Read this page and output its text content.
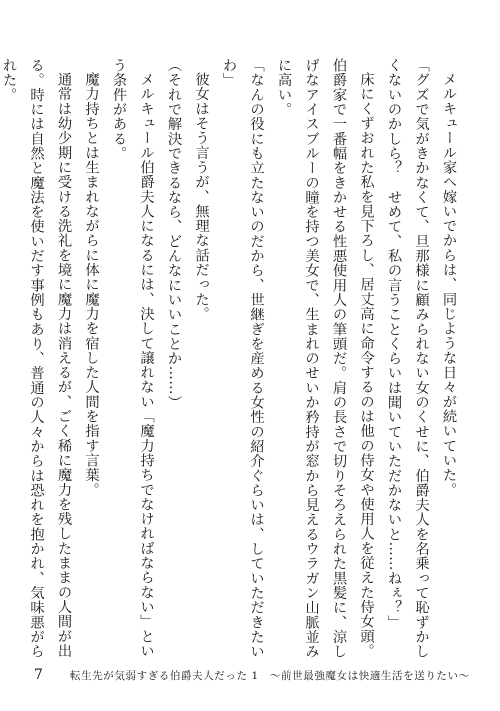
メルキュール家へ嫁いでからは、同じような日々が続いていた。

「グズで気がきかなくて、旦那様に顧みられない女のくせに、伯爵夫人を名乗って恥ずかしくないのかしら？　せめて、私の言うことくらいは聞いていただかないと……ねぇ？」

床にくずおれた私を見下ろし、居丈高に命令するのは他の侍女や使用人を従えた侍女頭。伯爵家で一番幅をきかせる性悪使用人の筆頭だ。肩の長さで切りそろえられた黒髪に、涼しげなアイスブルーの瞳を持つ美女で、生まれのせいか矜持が窓から見えるウラガン山脈並みに高い。

「なんの役にも立たないのだから、世継ぎを産める女性の紹介ぐらいは、していただきたいわ」

彼女はそう言うが、無理な話だった。

（それで解決できるなら、どんなにいいことか……）

メルキュール伯爵夫人になるには、決して譲れない「魔力持ちでなければならない」という条件がある。

魔力持ちとは生まれながらに体に魔力を宿した人間を指す言葉。

通常は幼少期に受ける洗礼を境に魔力は消えるが、ごく稀に魔力を残したままの人間が出る。時には自然と魔法を使いだす事例もあり、普通の人々からは恐れを抱かれ、気味悪がられた。

7	転生先が気弱すぎる伯爵夫人だった 1　～前世最強魔女は快適生活を送りたい～
